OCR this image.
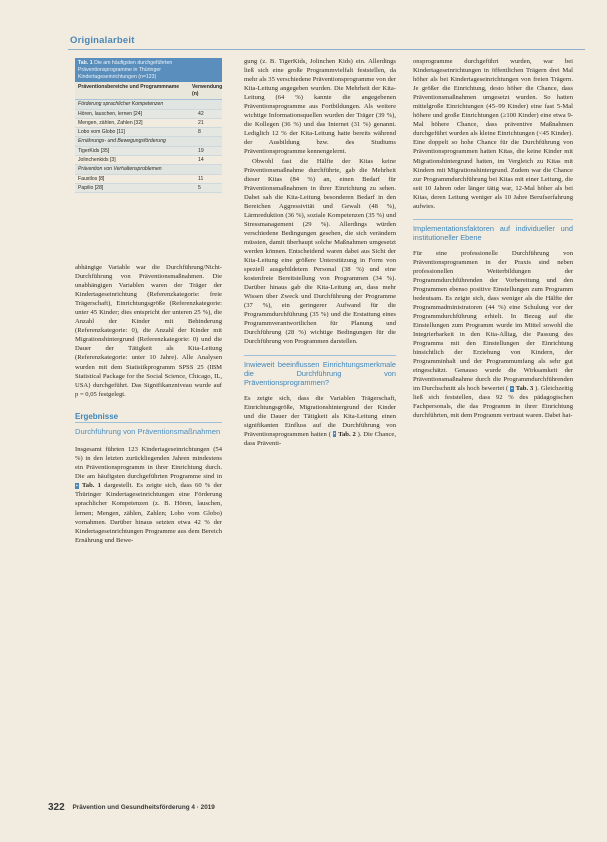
Originalarbeit
Tab. 1 Die am häufigsten durchgeführten Präventionsprogramme in Thüringer Kindertageseinrichtungen (n=123)
Präventionsbereiche und Programmname	Verwendung (n)
Förderung sprachlicher Kompetenzen
Hören, lauschen, lernen [24]	42
Mengen, zählen, Zahlen [32]	21
Lobo vom Globo [11]	8
Ernährungs- und Bewegungsförderung
TigerKids [35]	19
Jolinchenkids [3]	14
Prävention von Verhaltensproblemen
Faustlos [8]	11
Papilio [28]	5

abhängige Variable war die Durchführung/Nicht-Durchführung von Präventionsmaßnahmen. Die unabhängigen Variablen waren der Träger der Kindertageseinrichtung (Referenzkategorie: freie Trägerschaft), Einrichtungsgröße (Referenzkategorie: unter 45 Kinder; dies entspricht der unteren 25 %), die Anzahl der Kinder mit Behinderung (Referenzkategorie: 0), die Anzahl der Kinder mit Migrationshintergrund (Referenzkategorie: 0) und die Dauer der Tätigkeit als Kita-Leitung (Referenzkategorie: unter 10 Jahre). Alle Analysen wurden mit dem Statistikprogramm SPSS 25 (IBM Statistical Package for the Social Science, Chicago, IL, USA) durchgeführt. Das Signifikanzniveau wurde auf p = 0,05 festgelegt.

Ergebnisse
Durchführung von Präventionsmaßnahmen

Insgesamt führten 123 Kindertageseinrichtungen (54 %) in den letzten zurückliegenden Jahren mindestens ein Präventionsprogramm in ihrer Einrichtung durch. Die am häufigsten durchgeführten Programme sind in ▪ Tab. 1 dargestellt. Es zeigte sich, dass 60 % der Thüringer Kindertageseinrichtungen eine Förderung sprachlicher Kompetenzen (z. B. Hören, lauschen, lernen; Mengen, zählen, Zahlen; Lobo vom Globo) vornahmen. Darüber hinaus setzten etwa 42 % der Kindertageseinrichtungen Programme aus dem Bereich Ernährung und Bewe-

gung (z. B. TigerKids, Jolinchen Kids) ein. Allerdings ließ sich eine große Programmvielfalt feststellen, da mehr als 35 verschiedene Präventionsprogramme von der Kita-Leitung angegeben wurden. Die Mehrheit der Kita-Leitung (64 %) kannte die angegebenen Präventionsprogramme aus Fortbildungen. Als weitere wichtige Informationsquellen wurden der Träger (39 %), die Kollegen (36 %) und das Internet (31 %) genannt. Lediglich 12 % der Kita-Leitung hatte bereits während der Ausbildung bzw. des Studiums Präventionsprogramme kennengelernt.

Obwohl fast die Hälfte der Kitas keine Präventionsmaßnahme durchführte, gab die Mehrheit dieser Kitas (84 %) an, einen Bedarf für Präventionsmaßnahmen in ihrer Einrichtung zu sehen. Dabei sah die Kita-Leitung besonderen Bedarf in den Bereichen Aggressivität und Gewalt (48 %), Lärmreduktion (36 %), soziale Kompetenzen (35 %) und Stressmanagement (29 %). Allerdings würden verschiedene Bedingungen gesehen, die sich verändern müssten, damit überhaupt solche Maßnahmen umgesetzt werden können. Entscheidend waren dabei aus Sicht der Kita-Leitung eine größere Unterstützung in Form von speziell ausgebildetem Personal (38 %) und eine kostenfreie Bereitstellung von Programmen (34 %). Darüber hinaus gab die Kita-Leitung an, dass mehr Wissen über Zweck und Durchführung der Programme (37 %), ein geringerer Aufwand für die Programmdurchführung (35 %) und die Erstattung eines Programmverantwortlichen für Planung und Durchführung (28 %) wichtige Bedingungen für die Durchführung von Programmen darstellen.

Inwieweit beeinflussen Einrichtungsmerkmale die Durchführung von Präventionsprogrammen?

Es zeigte sich, dass die Variablen Trägerschaft, Einrichtungsgröße, Migrationshintergrund der Kinder und die Dauer der Tätigkeit als Kita-Leitung einen signifikanten Einfluss auf die Durchführung von Präventionsprogrammen hatten ( ▪ Tab. 2 ). Die Chance, dass Präventi-

onsprogramme durchgeführt wurden, war bei Kindertageseinrichtungen in öffentlichen Trägern drei Mal höher als bei Kindertageseinrichtungen von freien Trägern. Je größer die Einrichtung, desto höher die Chance, dass Präventionsmaßnahmen umgesetzt wurden. So hatten mittelgroße Einrichtungen (45–99 Kinder) eine fast 5-Mal höhere und große Einrichtungen (≥100 Kinder) eine etwa 9-Mal höhere Chance, dass präventive Maßnahmen durchgeführt wurden als kleine Einrichtungen (<45 Kinder). Eine doppelt so hohe Chance für die Durchführung von Präventionsprogrammen hatten Kitas, die keine Kinder mit Migrationshintergrund hatten, im Vergleich zu Kitas mit Kindern mit Migrationshintergrund. Zudem war die Chance zur Programmdurchführung bei Kitas mit einer Leitung, die seit 10 Jahren oder länger tätig war, 12-Mal höher als bei Kitas, deren Leitung weniger als 10 Jahre Berufserfahrung aufwies.

Implementationsfaktoren auf individueller und institutioneller Ebene

Für eine professionelle Durchführung von Präventionsprogrammen in der Praxis sind neben professionellen Weiterbildungen der Programmdurchführenden der Vorbereitung und den Programmen ebenso positive Einstellungen zum Programm bedeutsam. Es zeigte sich, dass weniger als die Hälfte der Programmadministratoren (44 %) eine Schulung vor der Programmdurchführung erhielt. In Bezug auf die Einstellungen zum Programm wurde im Mittel sowohl die Integrierbarkeit in den Kita-Alltag, die Passung des Programms mit den Einstellungen der Einrichtung hinsichtlich der Erziehung von Kindern, der Programminhalt und der Programmumfang als sehr gut eingeschätzt. Genauso wurde die Wirksamkeit der Präventionsmaßnahme durch die Programmdurchführenden im Durchschnitt als hoch bewertet ( ▪ Tab. 3 ). Gleichzeitig ließ sich feststellen, dass 92 % des pädagogischen Fachpersonals, die das Programm in ihrer Einrichtung durchführten, mit dem Programm vertraut waren. Dabei hat-

322 Prävention und Gesundheitsförderung 4 · 2019
